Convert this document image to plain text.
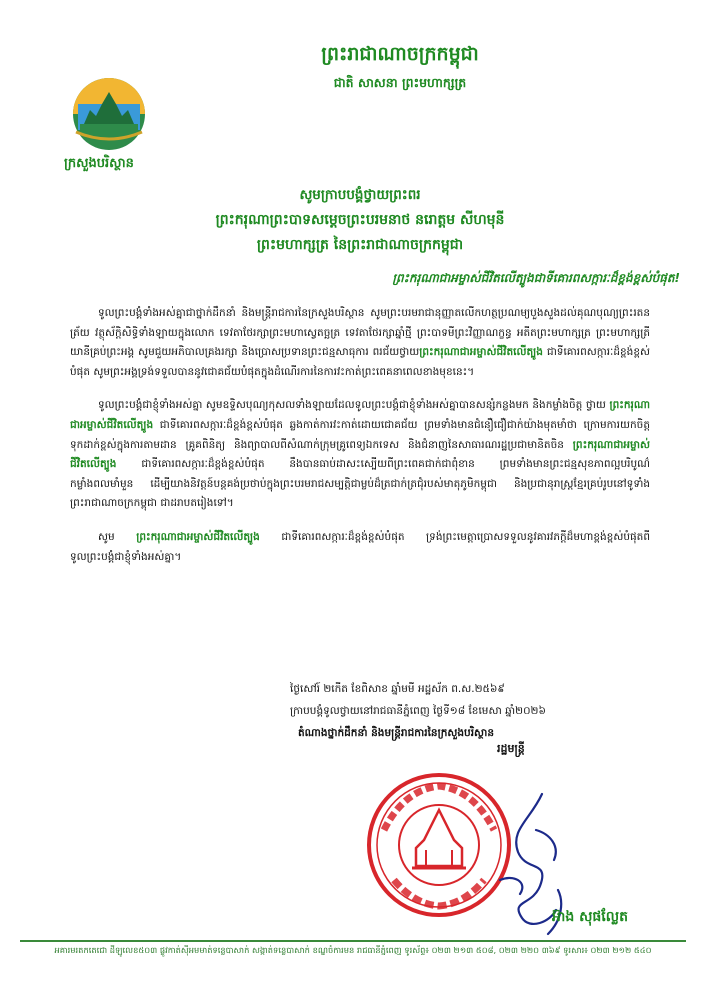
ក្រសួងបរិស្ថាន
ព្រះរាជាណាចក្រកម្ពុជា
ជាតិ សាសនា ព្រះមហាក្សត្រ
សូមក្រាបបង្គំថ្វាយព្រះពរ
ព្រះករុណាព្រះបាទសម្តេចព្រះបរមនាថ នរោត្តម សីហមុនី
ព្រះមហាក្សត្រ នៃព្រះរាជាណាចក្រកម្ពុជា
ព្រះករុណាជាអម្ចាស់ជីវិតលើត្បូងជាទីគោរពសក្ការៈដ៏ខ្ពង់ខ្ពស់បំផុត!

ទូលព្រះបង្គំទាំងអស់គ្នាជាថ្នាក់ដឹកនាំ និងមន្ត្រីរាជការនៃក្រសួងបរិស្ថាន សូមព្រះបរមរាជានុញ្ញាតលើកហត្ថប្រណម្យបួងសួងដល់គុណបុណ្យព្រះរតនត្រ័យ វត្ថុស័ក្តិសិទ្ធិទាំងឡាយក្នុងលោក ទេវតាថែរក្សាព្រះមហាស្វេតច្ឆត្រ ទេវតាថែរក្សាឆ្នាំថ្មី ព្រះបាទមីព្រះវិញ្ញាណក្ខន្ធ អតីតព្រះមហាក្សត្រ ព្រះមហាក្សត្រីយានីគ្រប់ព្រះអង្គ សូមជួយអភិបាលគ្រងរក្សា និងប្រោសប្រទានព្រះជន្មសាធុការ ពរជ័យថ្វាយព្រះករុណាជាអម្ចាស់ជីវិតលើត្បូង ជាទីគោរពសក្ការៈដ៏ខ្ពង់ខ្ពស់បំផុត សូមព្រះអង្គទ្រង់ទទួលបាននូវជោគជ័យបំផុតក្នុងដំណើរការនៃការវះកាត់ព្រះពេគនាពេលខាងមុខនេះ។

ទូលព្រះបង្គំជាខ្ញុំទាំងអស់គ្នា សូមឧទ្ទិសបុណ្យកុសលទាំងឡាយដែលទូលព្រះបង្គំជាខ្ញុំទាំងអស់គ្នាបានសន្សំកន្លងមក និងកម្លាំងចិត្ត ថ្វាយ ព្រះករុណាជាអម្ចាស់ជីវិតលើត្បូង ជាទីគោរពសក្ការៈដ៏ខ្ពង់ខ្ពស់បំផុត ឆ្លងកាត់ការវះកាត់ដោយជោគជ័យ ព្រមទាំងមានជំនឿជឿជាក់យ៉ាងមុតមាំថា ក្រោមការយកចិត្តទុកដាក់ខ្ពស់ក្នុងការតាមដាន គ្រូគពិនិត្យ និងព្យាបាលពីសំណាក់ក្រុមគ្រូពេទ្យឯកទេស និងជំនាញនៃសាធារណរដ្ឋប្រជាមានិតចិន ព្រះករុណាជាអម្ចាស់ជីវិតលើត្បូង ជាទីគោរពសក្ការៈដ៏ខ្ពង់ខ្ពស់បំផុត នឹងបានធាប់ដាសះស្បើយពីព្រះពេគជាក់ជាពុំខាន ព្រមទាំងមានព្រះជន្មសុខភាពល្អបរិបូណ៌ កម្លាំងពលមាំមួន ដើម្បីយាងនិវត្តន៍បន្តគង់ប្រថាប់ក្នុងព្រះបរមរាជសម្បត្តិជាម្លប់ដ៏ត្រជាក់ត្រជុំរបស់មាតុភូមិកម្ពុជា និងប្រជានុរាស្ត្រខ្មែរគ្រប់រូបនៅទូទាំងព្រះរាជាណាចក្រកម្ពុជា ជាដរាបតរៀងទៅ។

សូម ព្រះករុណាជាអម្ចាស់ជីវិតលើត្បូង ជាទីគោរពសក្ការៈដ៏ខ្ពង់ខ្ពស់បំផុត ទ្រង់ព្រះមេត្តាប្រោសទទួលនូវគារវភក្តីដ៏មហាខ្ពង់ខ្ពស់បំផុតពីទូលព្រះបង្គំជាខ្ញុំទាំងអស់គ្នា។

ថ្ងៃសៅរ៍ ២កើត ខែពិសាខ ឆ្នាំមមី អដ្ឋស័ក ព.ស.២៥៦៩
ក្រាបបង្គំទូលថ្វាយនៅរាជធានីភ្នំពេញ ថ្ងៃទី១៨ ខែមេសា ឆ្នាំ២០២៦
តំណាងថ្នាក់ដឹកនាំ និងមន្ត្រីរាជការនៃក្រសួងបរិស្ថាន
រដ្ឋមន្ត្រី
អ៊ាង សុផល្លែត
អគារមរតកតេជោ ដីឡូលេខ៥០៣ ផ្លូវកាត់ស៊ីអមមាត់ទន្លេបាសាក់ សង្កាត់ទន្លេបាសាក់ ខណ្ឌចំការមន រាជធានីភ្នំពេញ ទូរស័ព្ទ៖ ០២៣ ២១៣ ៥០៨, ០២៣ ២២០ ៣៦៩ ទូរសារ៖ ០២៣ ២១២ ៥៤០
